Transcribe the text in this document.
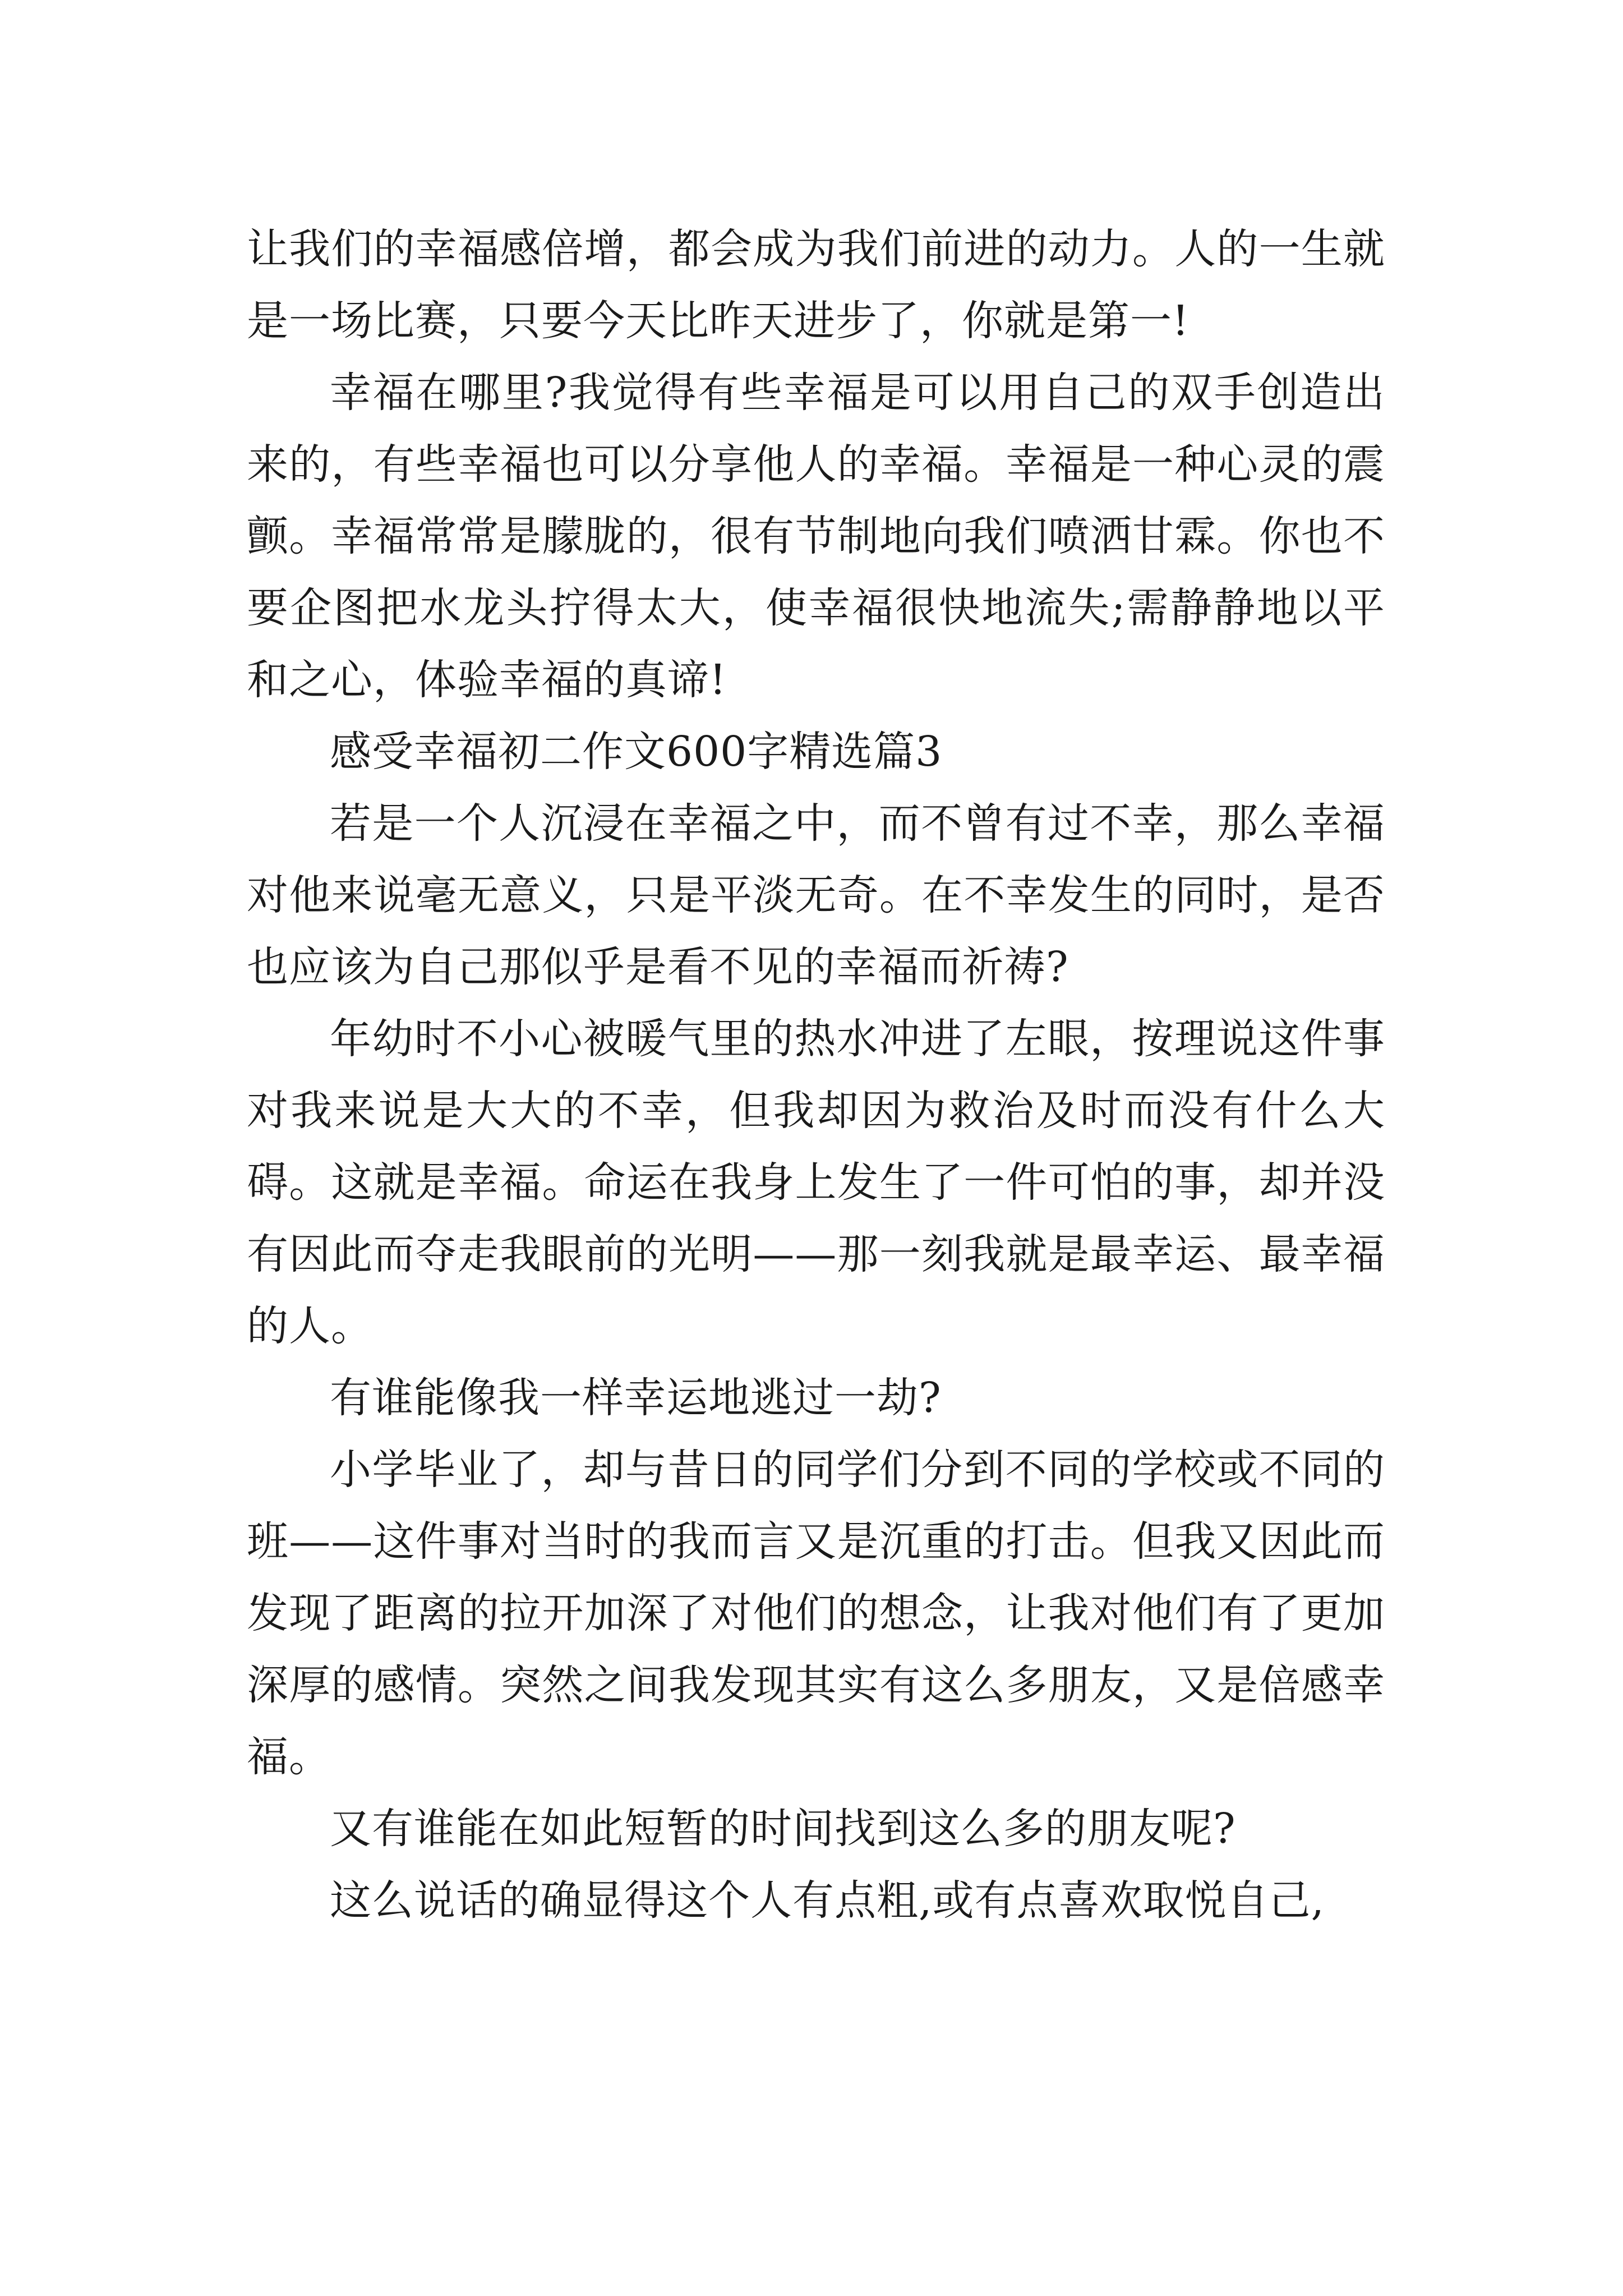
让我们的幸福感倍增，都会成为我们前进的动力。人的一生就是一场比赛，只要今天比昨天进步了，你就是第一!

幸福在哪里?我觉得有些幸福是可以用自己的双手创造出来的，有些幸福也可以分享他人的幸福。幸福是一种心灵的震颤。幸福常常是朦胧的，很有节制地向我们喷洒甘霖。你也不要企图把水龙头拧得太大，使幸福很快地流失;需静静地以平和之心，体验幸福的真谛!

感受幸福初二作文600字精选篇3

若是一个人沉浸在幸福之中，而不曾有过不幸，那么幸福对他来说毫无意义，只是平淡无奇。在不幸发生的同时，是否也应该为自己那似乎是看不见的幸福而祈祷?

年幼时不小心被暖气里的热水冲进了左眼，按理说这件事对我来说是大大的不幸，但我却因为救治及时而没有什么大碍。这就是幸福。命运在我身上发生了一件可怕的事，却并没有因此而夺走我眼前的光明——那一刻我就是最幸运、最幸福的人。

有谁能像我一样幸运地逃过一劫?

小学毕业了，却与昔日的同学们分到不同的学校或不同的班——这件事对当时的我而言又是沉重的打击。但我又因此而发现了距离的拉开加深了对他们的想念，让我对他们有了更加深厚的感情。突然之间我发现其实有这么多朋友，又是倍感幸福。

又有谁能在如此短暂的时间找到这么多的朋友呢?

这么说话的确显得这个人有点粗,或有点喜欢取悦自己,
